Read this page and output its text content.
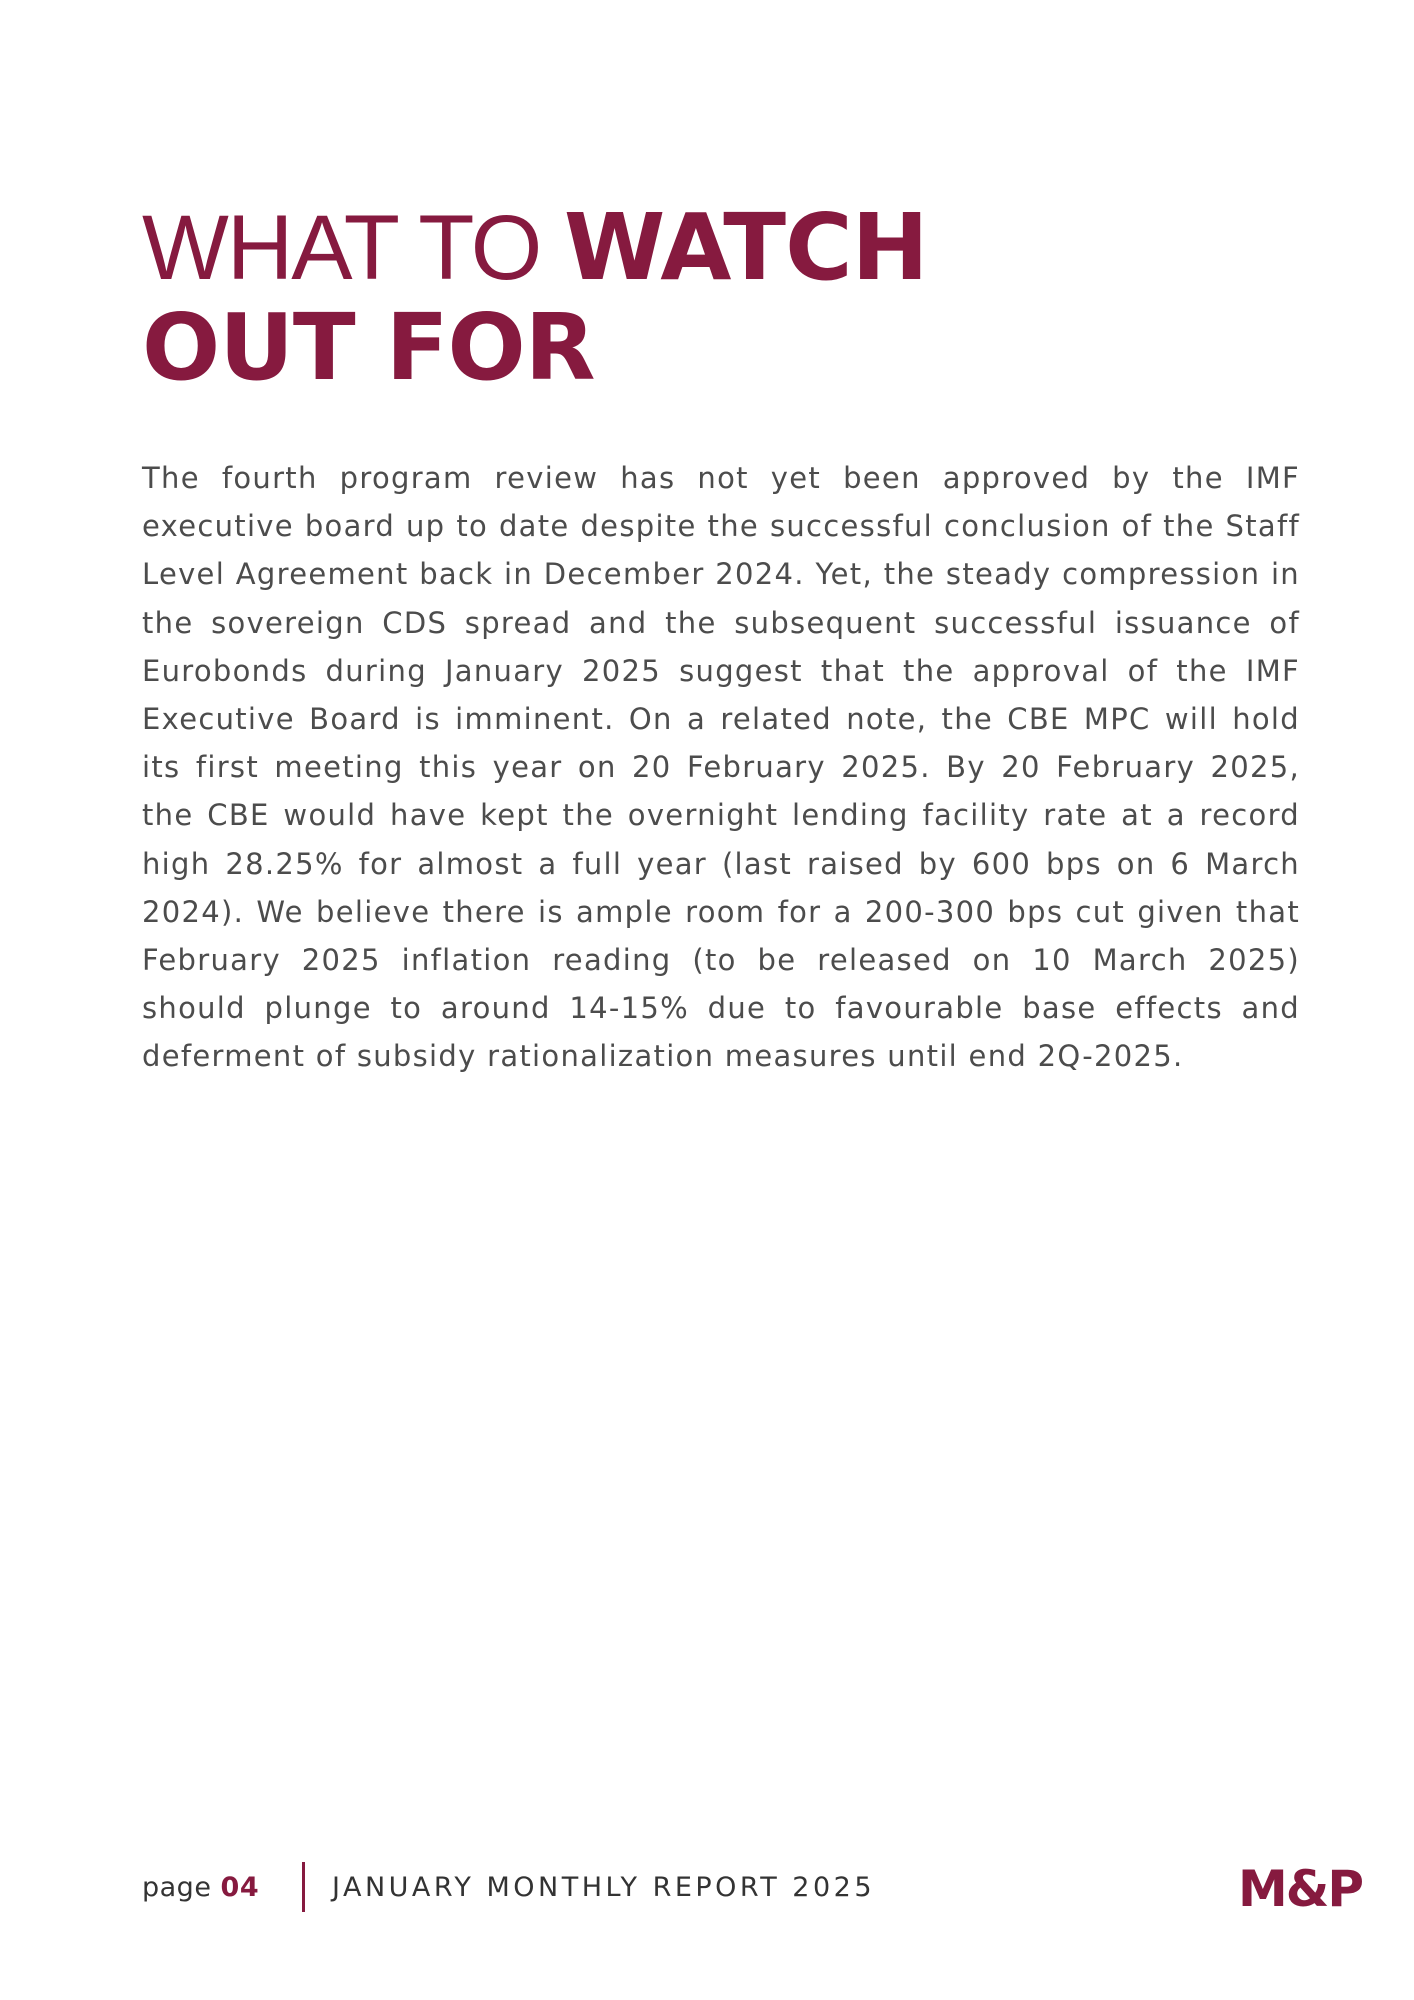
WHAT TO WATCH
OUT FOR

The fourth program review has not yet been approved by the IMF executive board up to date despite the successful conclusion of the Staff Level Agreement back in December 2024. Yet, the steady compression in the sovereign CDS spread and the subsequent successful issuance of Eurobonds during January 2025 suggest that the approval of the IMF Executive Board is imminent. On a related note, the CBE MPC will hold its first meeting this year on 20 February 2025. By 20 February 2025, the CBE would have kept the overnight lending facility rate at a record high 28.25% for almost a full year (last raised by 600 bps on 6 March 2024). We believe there is ample room for a 200-300 bps cut given that February 2025 inflation reading (to be released on 10 March 2025) should plunge to around 14-15% due to favourable base effects and deferment of subsidy rationalization measures until end 2Q-2025.

page 04	JANUARY MONTHLY REPORT 2025	M&P
